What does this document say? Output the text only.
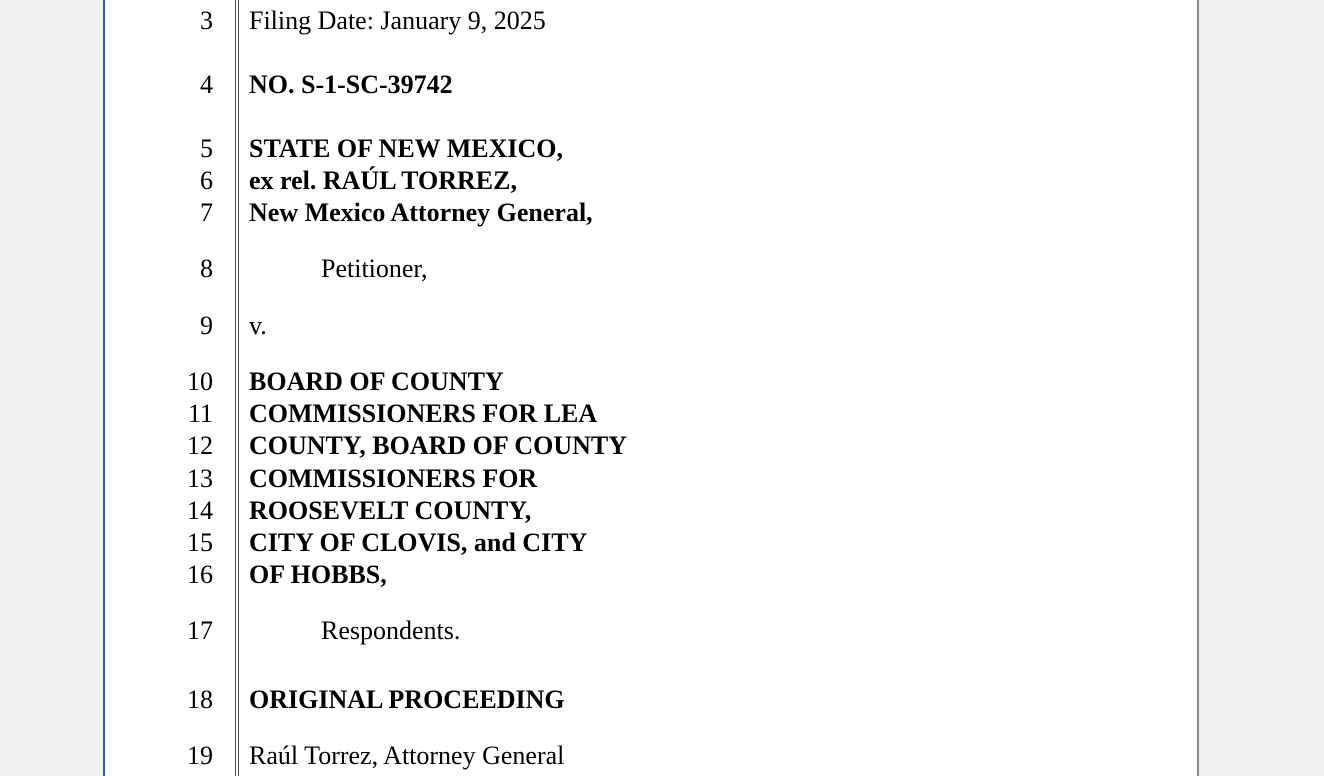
3
4
5
6
7
8
9
10
11
12
13
14
15
16
17
18
19
Filing Date: January 9, 2025
NO. S-1-SC-39742
STATE OF NEW MEXICO,
ex rel. RAÚL TORREZ,
New Mexico Attorney General,
Petitioner,
v.
BOARD OF COUNTY
COMMISSIONERS FOR LEA
COUNTY, BOARD OF COUNTY
COMMISSIONERS FOR
ROOSEVELT COUNTY,
CITY OF CLOVIS, and CITY
OF HOBBS,
Respondents.
ORIGINAL PROCEEDING
Raúl Torrez, Attorney General
